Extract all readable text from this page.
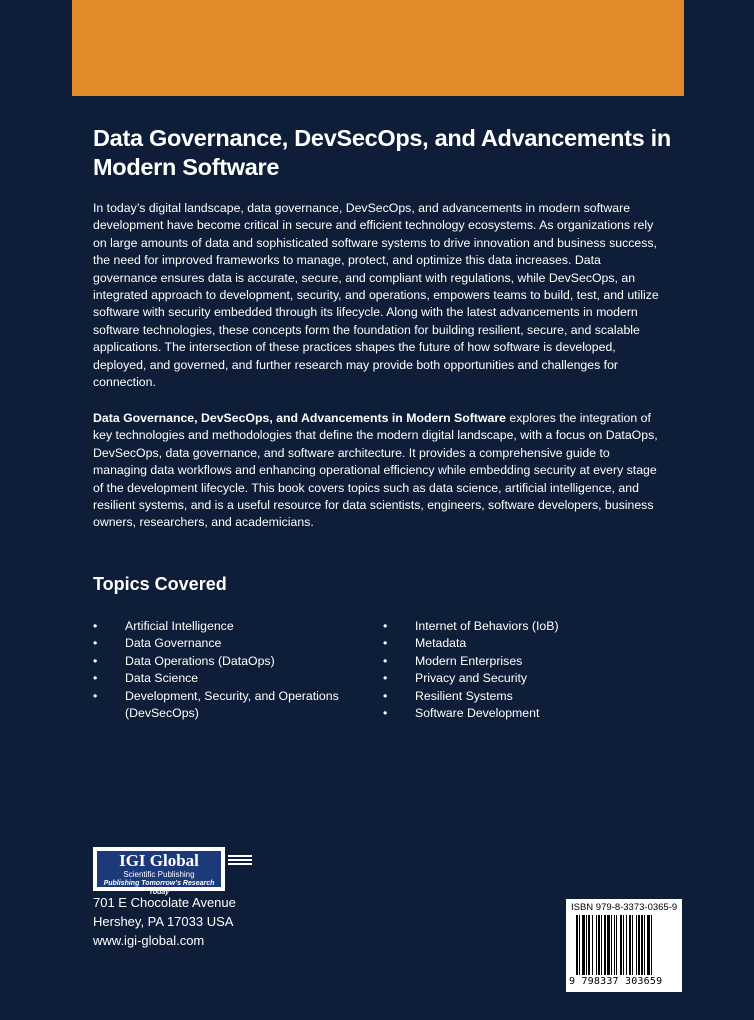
Data Governance, DevSecOps, and Advancements in Modern Software

In today’s digital landscape, data governance, DevSecOps, and advancements in modern software development have become critical in secure and efficient technology ecosystems. As organizations rely on large amounts of data and sophisticated software systems to drive innovation and business success, the need for improved frameworks to manage, protect, and optimize this data increases. Data governance ensures data is accurate, secure, and compliant with regulations, while DevSecOps, an integrated approach to development, security, and operations, empowers teams to build, test, and utilize software with security embedded through its lifecycle. Along with the latest advancements in modern software technologies, these concepts form the foundation for building resilient, secure, and scalable applications. The intersection of these practices shapes the future of how software is developed, deployed, and governed, and further research may provide both opportunities and challenges for connection.

Data Governance, DevSecOps, and Advancements in Modern Software explores the integration of key technologies and methodologies that define the modern digital landscape, with a focus on DataOps, DevSecOps, data governance, and software architecture. It provides a comprehensive guide to managing data workflows and enhancing operational efficiency while embedding security at every stage of the development lifecycle. This book covers topics such as data science, artificial intelligence, and resilient systems, and is a useful resource for data scientists, engineers, software developers, business owners, researchers, and academicians.

Topics Covered
• Artificial Intelligence
• Data Governance
• Data Operations (DataOps)
• Data Science
• Development, Security, and Operations (DevSecOps)
• Internet of Behaviors (IoB)
• Metadata
• Modern Enterprises
• Privacy and Security
• Resilient Systems
• Software Development
IGI Global
Scientific Publishing
Publishing Tomorrow’s Research Today
701 E Chocolate Avenue
Hershey, PA 17033 USA
www.igi-global.com
ISBN 979-8-3373-0365-9
9 798337 303659
